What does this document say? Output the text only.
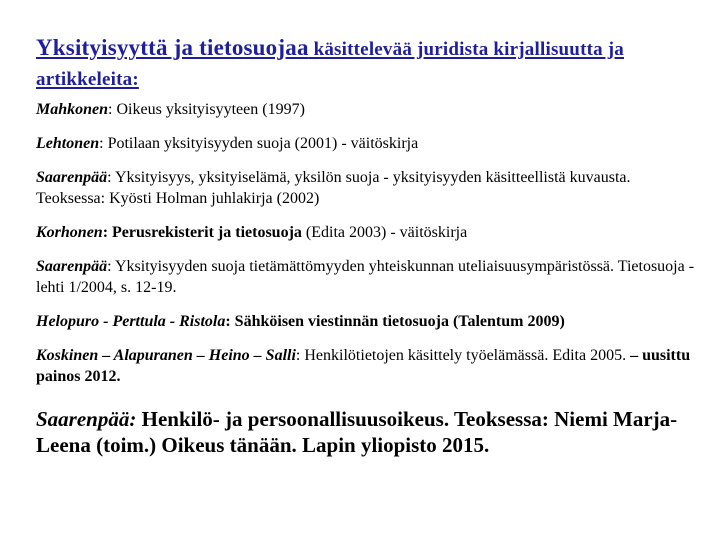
Yksityisyyttä ja tietosuojaa käsittelevää juridista kirjallisuutta ja artikkeleita:
Mahkonen: Oikeus yksityisyyteen (1997)
Lehtonen: Potilaan yksityisyyden suoja (2001) - väitöskirja
Saarenpää: Yksityisyys, yksityiselämä, yksilön suoja - yksityisyyden käsitteellistä kuvausta. Teoksessa: Kyösti Holman juhlakirja (2002)
Korhonen: Perusrekisterit ja tietosuoja (Edita 2003) - väitöskirja
Saarenpää: Yksityisyyden suoja tietämättömyyden yhteiskunnan uteliaisuusympäristössä. Tietosuoja -lehti 1/2004, s. 12-19.
Helopuro - Perttula - Ristola: Sähköisen viestinnän tietosuoja (Talentum 2009)
Koskinen – Alapuranen – Heino – Salli: Henkilötietojen käsittely työelämässä. Edita 2005. – uusittu painos 2012.
Saarenpää: Henkilö- ja persoonallisuusoikeus. Teoksessa: Niemi Marja-Leena (toim.) Oikeus tänään. Lapin yliopisto 2015.
